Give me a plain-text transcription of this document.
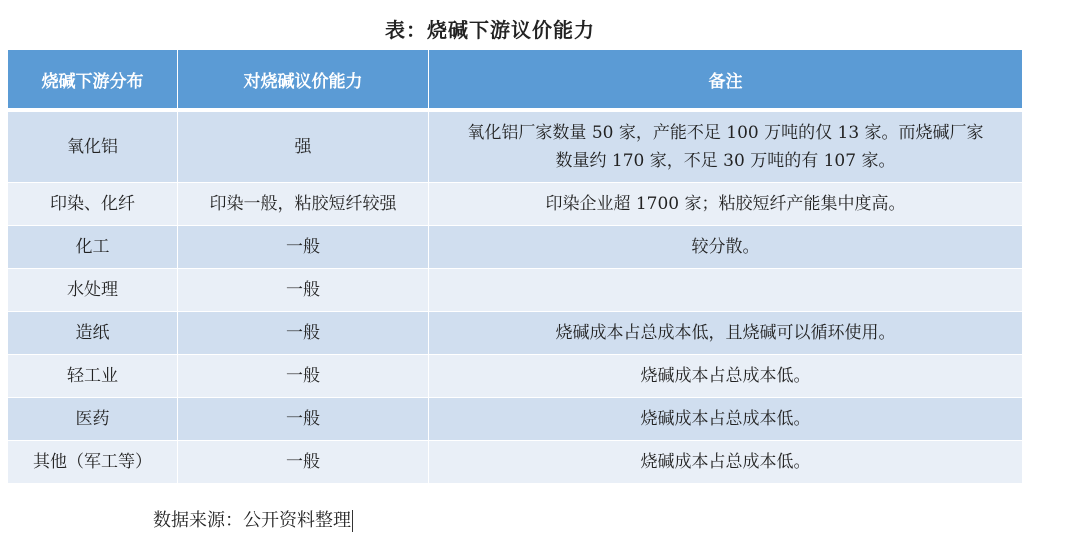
表：烧碱下游议价能力
烧碱下游分布	对烧碱议价能力	备注
氧化铝	强	氧化铝厂家数量 50 家，产能不足 100 万吨的仅 13 家。而烧碱厂家
数量约 170 家，不足 30 万吨的有 107 家。

印染、化纤	印染一般，粘胶短纤较强	印染企业超 1700 家；粘胶短纤产能集中度高。
化工	一般	较分散。
水处理	一般	
造纸	一般	烧碱成本占总成本低，且烧碱可以循环使用。
轻工业	一般	烧碱成本占总成本低。
医药	一般	烧碱成本占总成本低。
其他（军工等）	一般	烧碱成本占总成本低。
数据来源：公开资料整理
